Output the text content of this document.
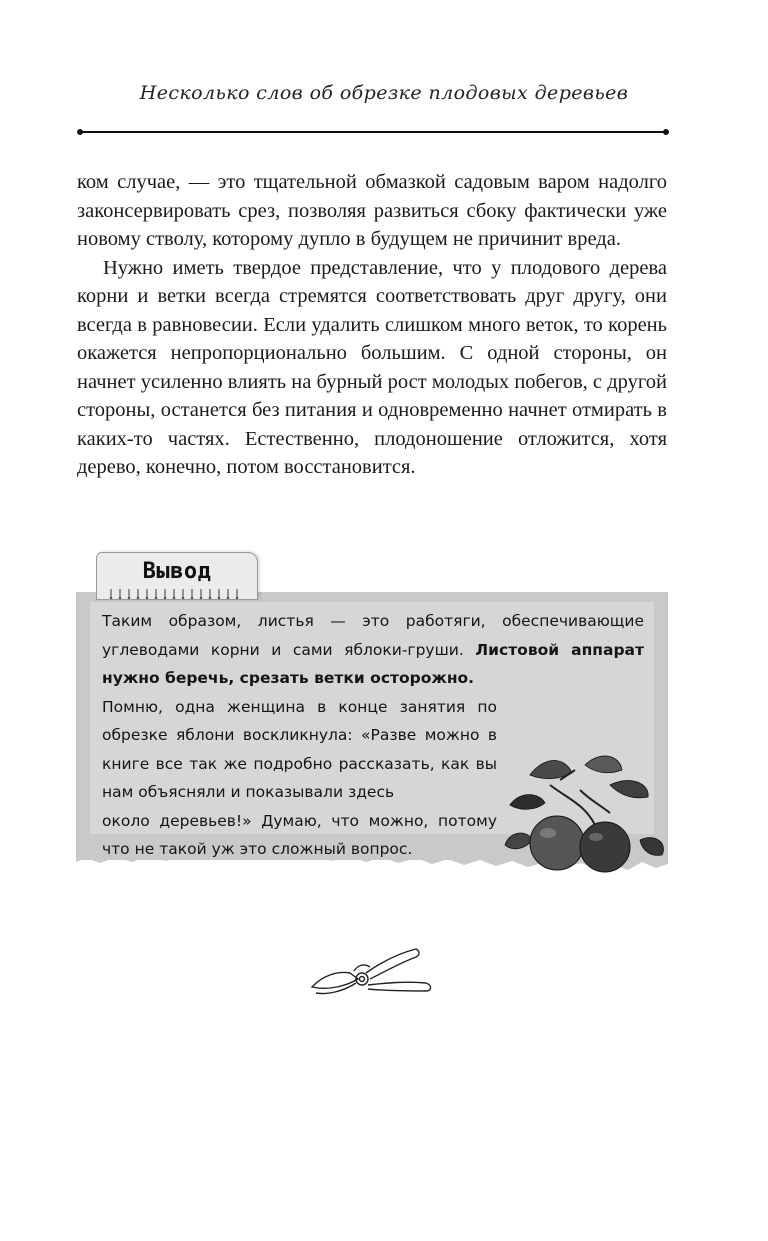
Несколько слов об обрезке плодовых деревьев

ком случае, — это тщательной обмазкой садовым варом надолго законсервировать срез, позволяя развиться сбоку фактически уже новому стволу, которому дупло в будущем не причинит вреда.

Нужно иметь твердое представление, что у плодового дерева корни и ветки всегда стремятся соответствовать друг другу, они всегда в равновесии. Если удалить слишком много веток, то корень окажется непропорционально большим. С одной стороны, он начнет усиленно влиять на бурный рост молодых побегов, с другой стороны, останется без питания и одновременно начнет отмирать в каких-то частях. Естественно, плодоношение отложится, хотя дерево, конечно, потом восстановится.

Вывод

Таким образом, листья — это работяги, обеспечивающие углеводами корни и сами яблоки-груши. Листовой аппарат нужно беречь, срезать ветки осторожно.

Помню, одна женщина в конце занятия по обрезке яблони воскликнула: «Разве можно в книге все так же подробно рассказать, как вы нам объясняли и показывали здесь
около деревьев!» Думаю, что можно, потому
что не такой уж это сложный вопрос.
